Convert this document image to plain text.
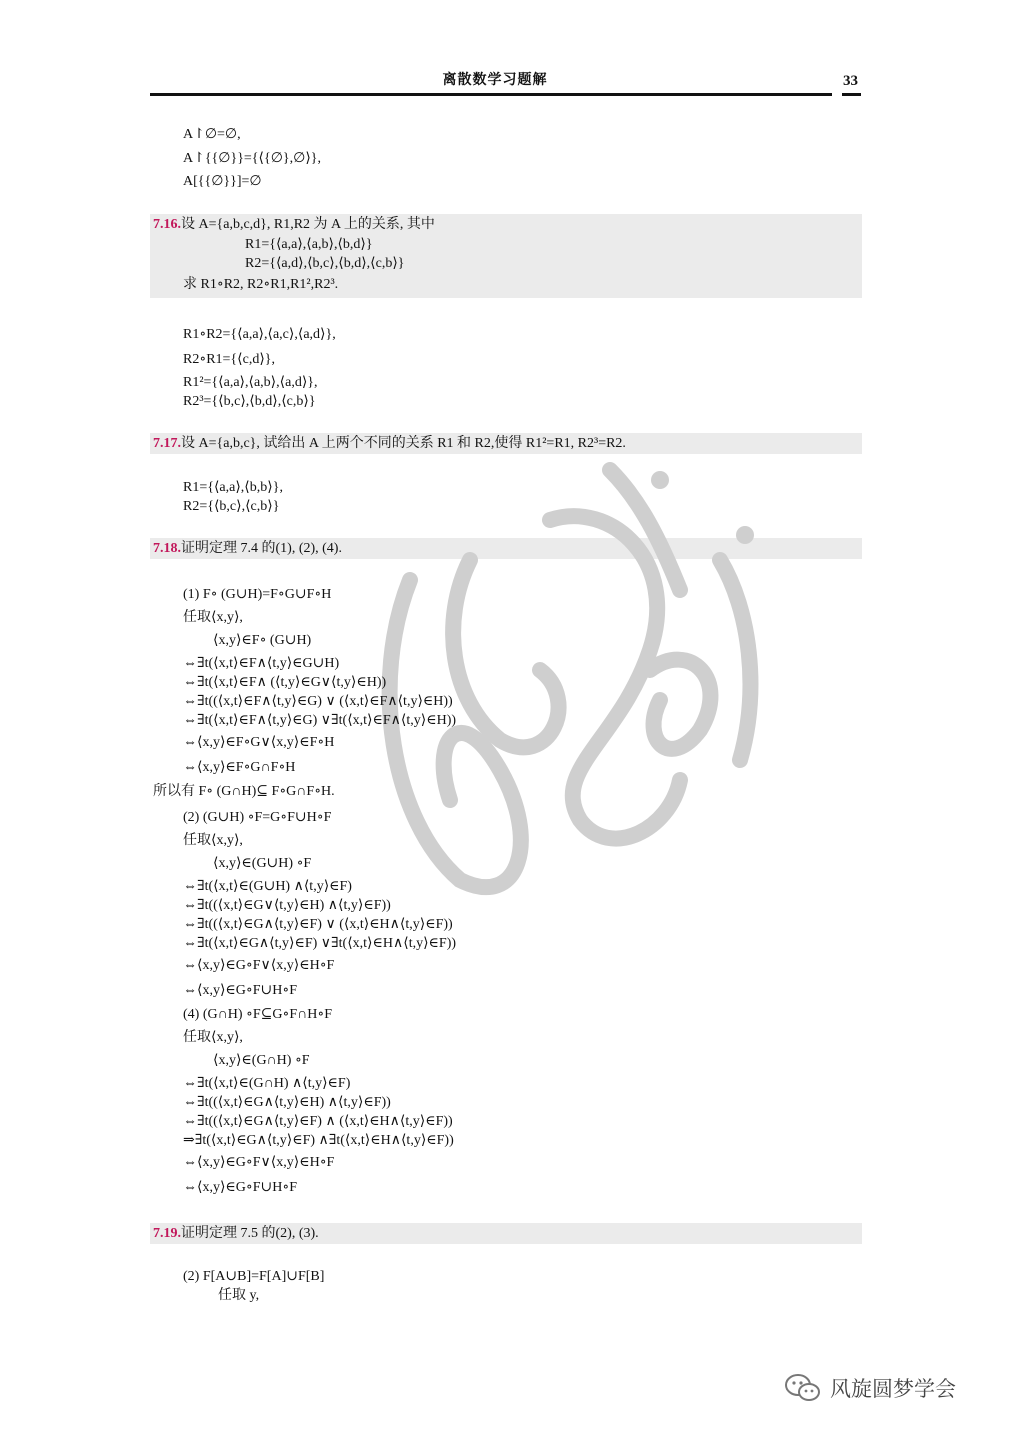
离散数学习题解	33
A↾∅=∅,
A↾{{∅}}={⟨{∅},∅⟩},
A[{{∅}}]=∅
7.16.设 A={a,b,c,d}, R1,R2 为 A 上的关系, 其中
R1={⟨a,a⟩,⟨a,b⟩,⟨b,d⟩}
R2={⟨a,d⟩,⟨b,c⟩,⟨b,d⟩,⟨c,b⟩}
求 R1∘R2, R2∘R1,R1²,R2³.
R1∘R2={⟨a,a⟩,⟨a,c⟩,⟨a,d⟩},
R2∘R1={⟨c,d⟩},
R1²={⟨a,a⟩,⟨a,b⟩,⟨a,d⟩},
R2³={⟨b,c⟩,⟨b,d⟩,⟨c,b⟩}
7.17.设 A={a,b,c}, 试给出 A 上两个不同的关系 R1 和 R2,使得 R1²=R1, R2³=R2.
R1={⟨a,a⟩,⟨b,b⟩},
R2={⟨b,c⟩,⟨c,b⟩}
7.18.证明定理 7.4 的(1), (2), (4).
(1) F∘ (G∪H)=F∘G∪F∘H
任取⟨x,y⟩,
⟨x,y⟩∈F∘ (G∪H)
⇔∃t(⟨x,t⟩∈F∧⟨t,y⟩∈G∪H)
⇔∃t(⟨x,t⟩∈F∧ (⟨t,y⟩∈G∨⟨t,y⟩∈H))
⇔∃t((⟨x,t⟩∈F∧⟨t,y⟩∈G) ∨ (⟨x,t⟩∈F∧⟨t,y⟩∈H))
⇔∃t(⟨x,t⟩∈F∧⟨t,y⟩∈G) ∨∃t(⟨x,t⟩∈F∧⟨t,y⟩∈H))
⇔⟨x,y⟩∈F∘G∨⟨x,y⟩∈F∘H
⇔⟨x,y⟩∈F∘G∩F∘H
所以有 F∘ (G∩H)⊆ F∘G∩F∘H.
(2) (G∪H) ∘F=G∘F∪H∘F
任取⟨x,y⟩,
⟨x,y⟩∈(G∪H) ∘F
⇔∃t(⟨x,t⟩∈(G∪H) ∧⟨t,y⟩∈F)
⇔∃t((⟨x,t⟩∈G∨⟨t,y⟩∈H) ∧⟨t,y⟩∈F))
⇔∃t((⟨x,t⟩∈G∧⟨t,y⟩∈F) ∨ (⟨x,t⟩∈H∧⟨t,y⟩∈F))
⇔∃t(⟨x,t⟩∈G∧⟨t,y⟩∈F) ∨∃t(⟨x,t⟩∈H∧⟨t,y⟩∈F))
⇔⟨x,y⟩∈G∘F∨⟨x,y⟩∈H∘F
⇔⟨x,y⟩∈G∘F∪H∘F
(4) (G∩H) ∘F⊆G∘F∩H∘F
任取⟨x,y⟩,
⟨x,y⟩∈(G∩H) ∘F
⇔∃t(⟨x,t⟩∈(G∩H) ∧⟨t,y⟩∈F)
⇔∃t((⟨x,t⟩∈G∧⟨t,y⟩∈H) ∧⟨t,y⟩∈F))
⇔∃t((⟨x,t⟩∈G∧⟨t,y⟩∈F) ∧ (⟨x,t⟩∈H∧⟨t,y⟩∈F))
⇒∃t(⟨x,t⟩∈G∧⟨t,y⟩∈F) ∧∃t(⟨x,t⟩∈H∧⟨t,y⟩∈F))
⇔⟨x,y⟩∈G∘F∨⟨x,y⟩∈H∘F
⇔⟨x,y⟩∈G∘F∪H∘F
7.19.证明定理 7.5 的(2), (3).
(2) F[A∪B]=F[A]∪F[B]
任取 y,
风旋圆梦学会
